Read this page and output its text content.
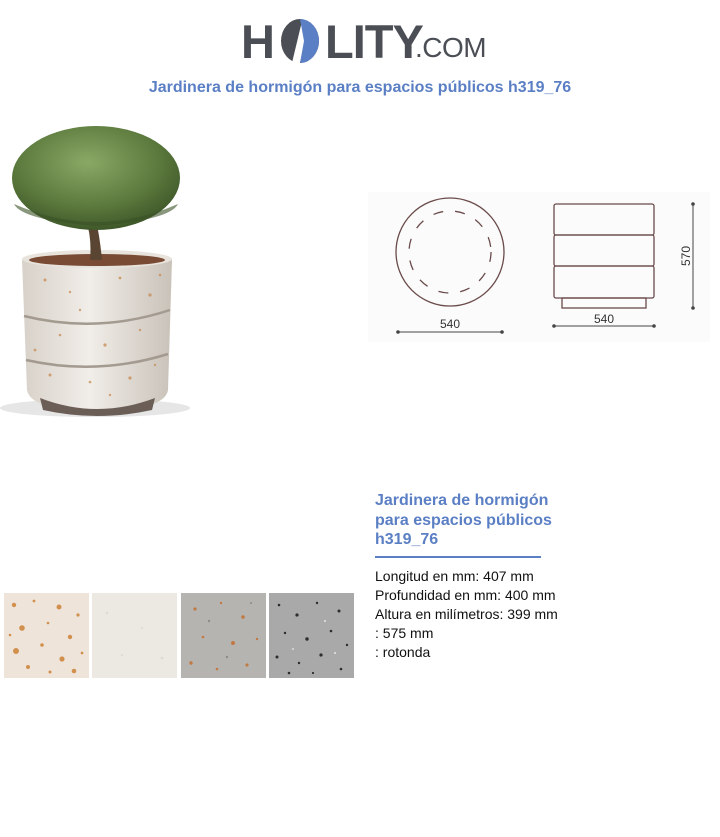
H LITY
.COM
Jardinera de hormigón para espacios públicos h319_76
540	540
570
Jardinera de hormigón para espacios públicos h319_76
Longitud en mm: 407 mm
Profundidad en mm: 400 mm
Altura en milímetros: 399 mm
: 575 mm
: rotonda
